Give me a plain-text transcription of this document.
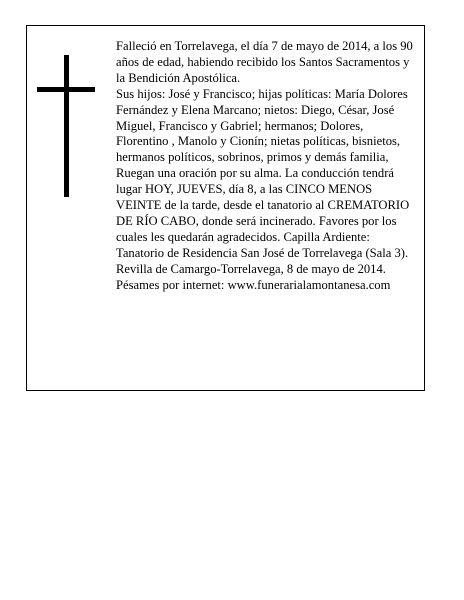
Falleció en Torrelavega, el día 7 de mayo de 2014, a los 90 años de edad, habiendo recibido los Santos Sacramentos y la Bendición Apostólica.

Sus hijos: José y Francisco; hijas políticas: María Dolores Fernández y Elena Marcano; nietos: Diego, César, José Miguel, Francisco y Gabriel; hermanos; Dolores, Florentino , Manolo y Cionín; nietas políticas, bisnietos, hermanos políticos, sobrinos, primos y demás familia,

Ruegan una oración por su alma. La conducción tendrá lugar HOY, JUEVES, día 8, a las CINCO MENOS VEINTE de la tarde, desde el tanatorio al CREMATORIO DE RÍO CABO, donde será incinerado. Favores por los cuales les quedarán agradecidos. Capilla Ardiente: Tanatorio de Residencia San José de Torrelavega (Sala 3).

Revilla de Camargo-Torrelavega, 8 de mayo de 2014.

Pésames por internet: www.funerarialamontanesa.com
